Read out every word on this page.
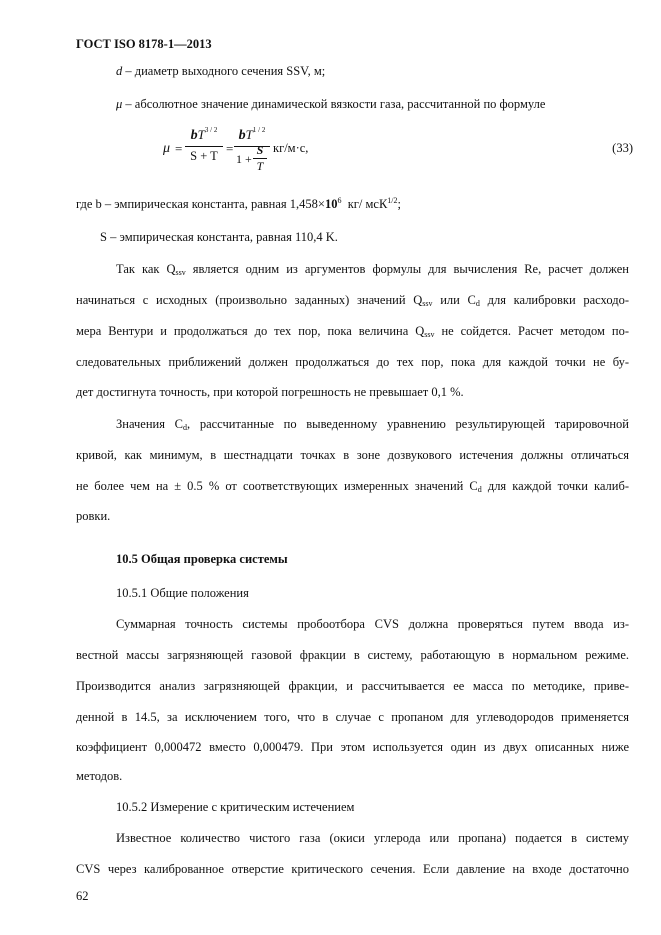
ГОСТ ISO 8178-1—2013
d – диаметр выходного сечения SSV, м;
μ – абсолютное значение динамической вязкости газа, рассчитанной по формуле
μ =
$bT^{3 / 2}$
S + T =
$bT^{1 / 2}$
1 +
S
T
кг/м·с,	(33)
где b – эмпирическая константа, равная $1,458\times 10^6$  кг/ мсК$^{1/2}$;
S – эмпирическая константа, равная 110,4 K.
Так как $Q_{ssv}$ является одним из аргументов формулы для вычисления Re, расчет должен
начинаться с исходных (произвольно заданных) значений $Q_{ssv}$ или $C_d$ для калибровки расходо-
мера Вентури и продолжаться до тех пор, пока величина $Q_{ssv}$ не сойдется. Расчет методом по-
следовательных приближений должен продолжаться до тех пор, пока для каждой точки не бу-
дет достигнута точность, при которой погрешность не превышает 0,1 %.
Значения $C_d$, рассчитанные по выведенному уравнению результирующей тарировочной
кривой, как минимум, в шестнадцати точках в зоне дозвукового истечения должны отличаться
не более чем на ± 0.5 % от соответствующих измеренных значений $C_d$ для каждой точки калиб-
ровки.
10.5 Общая проверка системы
10.5.1 Общие положения
Суммарная точность системы пробоотбора CVS должна проверяться путем ввода из-
вестной массы загрязняющей газовой фракции в систему, работающую в нормальном режиме.
Производится анализ загрязняющей фракции, и рассчитывается ее масса по методике, приве-
денной в 14.5, за исключением того, что в случае с пропаном для углеводородов применяется
коэффициент 0,000472 вместо 0,000479. При этом используется один из двух описанных ниже
методов.
10.5.2 Измерение с критическим истечением
Известное количество чистого газа (окиси углерода или пропана) подается в систему
CVS через калиброванное отверстие критического сечения. Если давление на входе достаточно
62
